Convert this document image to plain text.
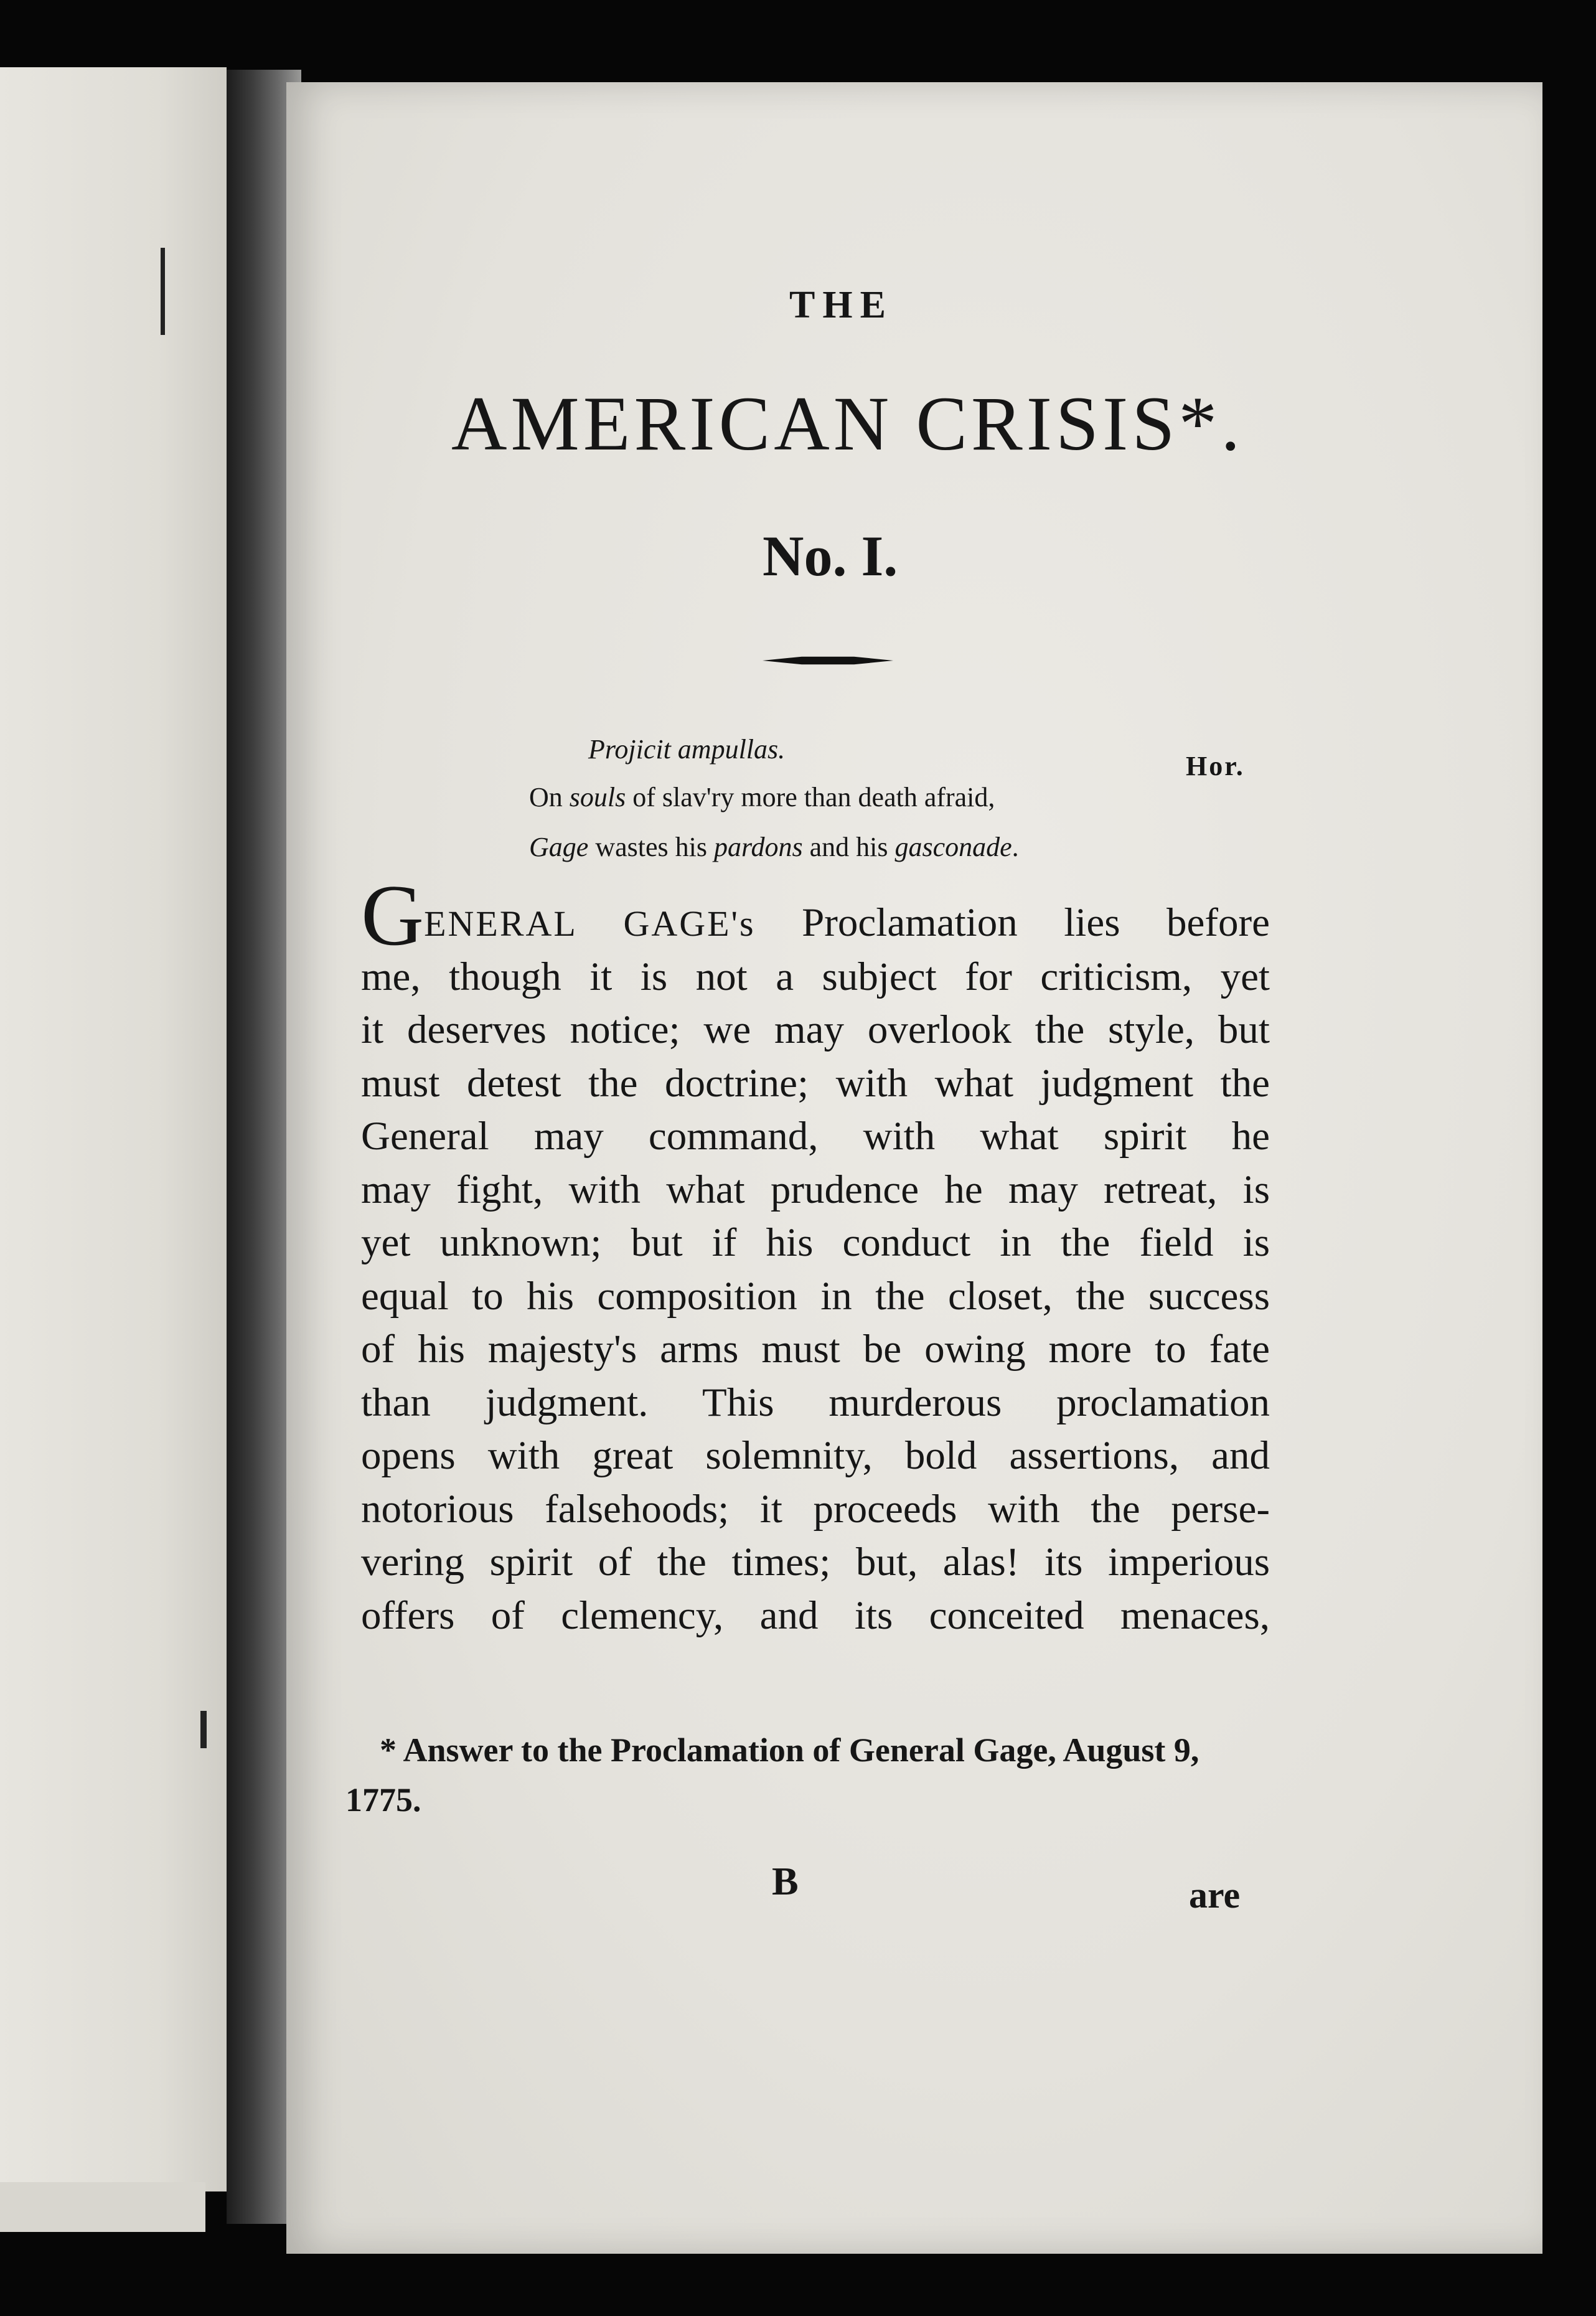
THE
AMERICAN CRISIS*.
No. I.
Projicit ampullas.
Hor.
On souls of slav'ry more than death afraid,
Gage wastes his pardons and his gasconade.
GENERAL GAGE's Proclamation lies before
me, though it is not a subject for criticism, yet
it deserves notice; we may overlook the style, but
must detest the doctrine; with what judgment the
General may command, with what spirit he
may fight, with what prudence he may retreat, is
yet unknown; but if his conduct in the field is
equal to his composition in the closet, the success
of his majesty's arms must be owing more to fate
than judgment. This murderous proclamation
opens with great solemnity, bold assertions, and
notorious falsehoods; it proceeds with the perse-
vering spirit of the times; but, alas! its imperious
offers of clemency, and its conceited menaces,
* Answer to the Proclamation of General Gage, August 9,
1775.
B	are
